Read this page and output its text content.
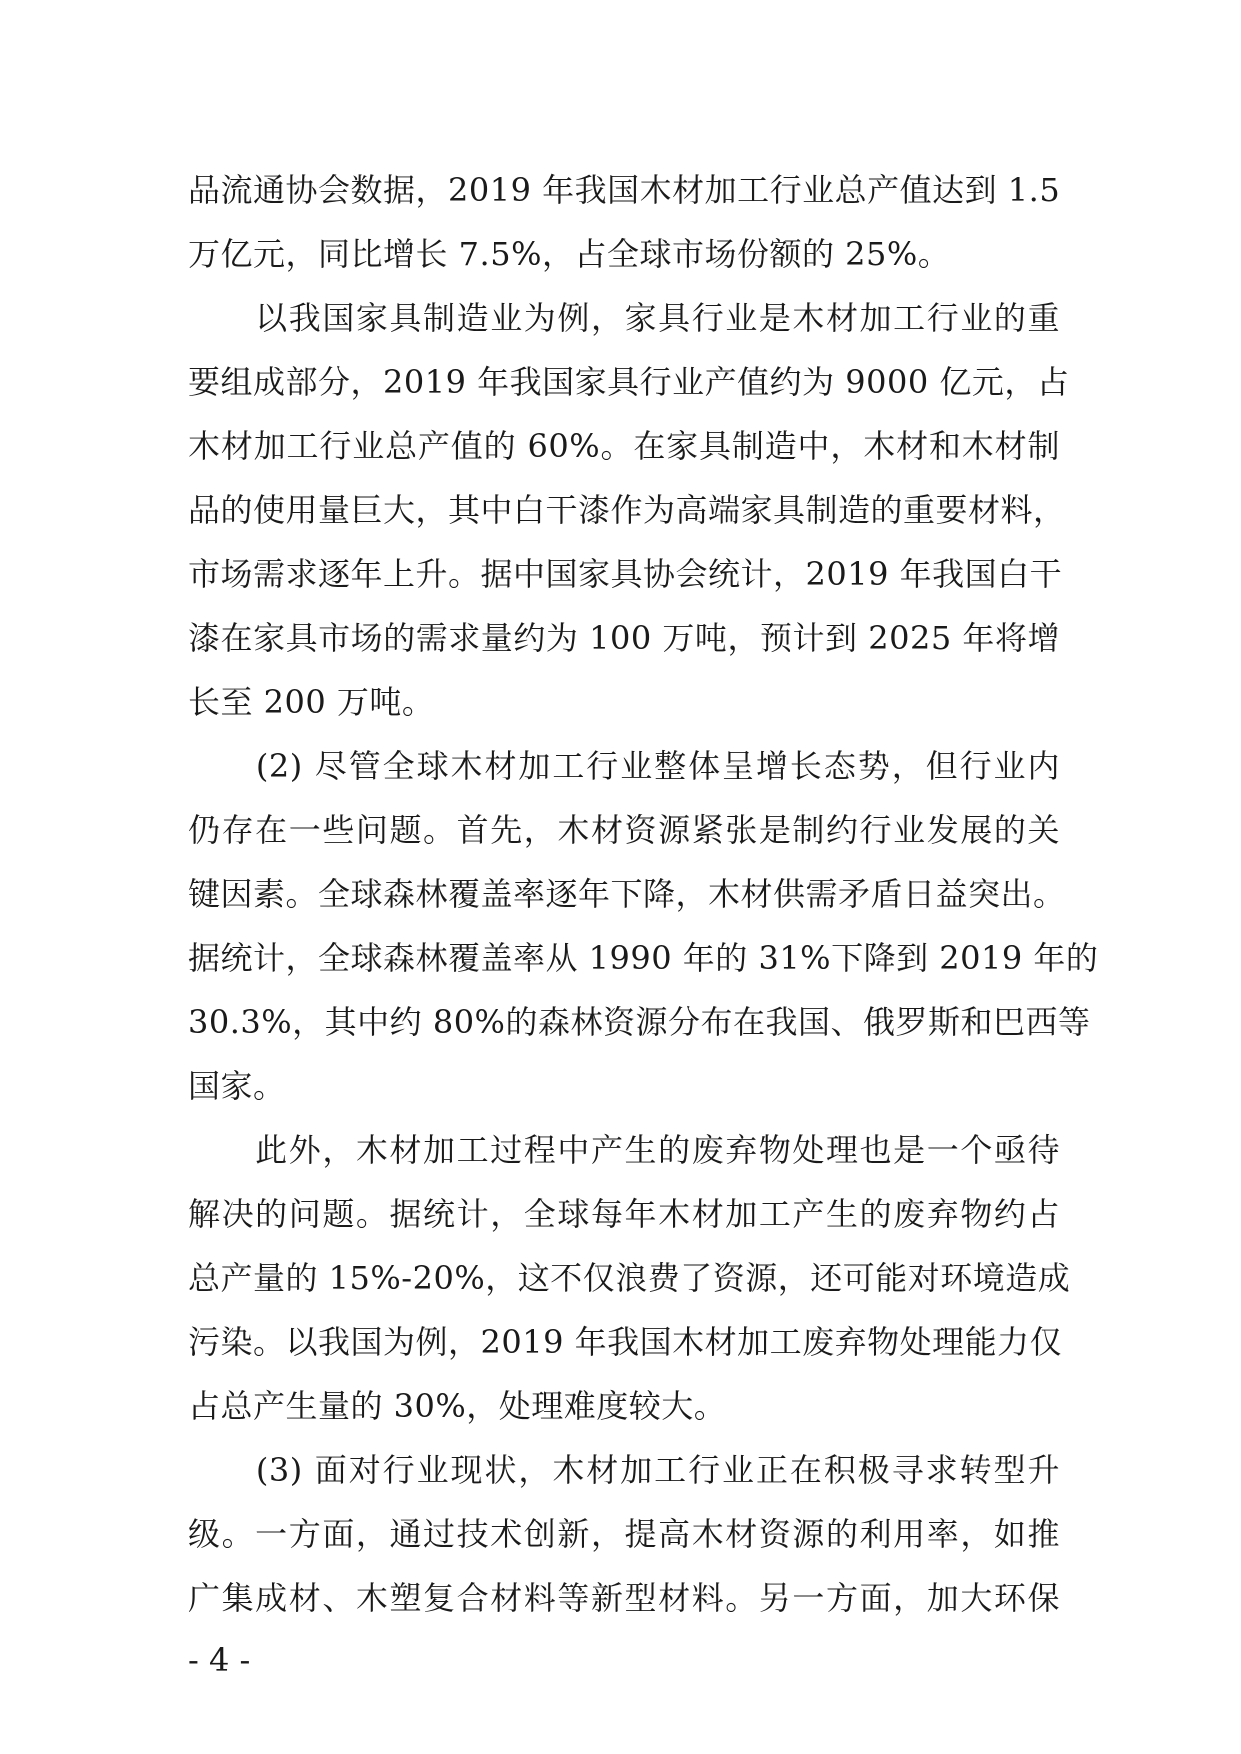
品流通协会数据，2019 年我国木材加工行业总产值达到 1.5
万亿元，同比增长 7.5%，占全球市场份额的 25%。
　　以我国家具制造业为例，家具行业是木材加工行业的重
要组成部分，2019 年我国家具行业产值约为 9000 亿元，占
木材加工行业总产值的 60%。在家具制造中，木材和木材制
品的使用量巨大，其中白干漆作为高端家具制造的重要材料，
市场需求逐年上升。据中国家具协会统计，2019 年我国白干
漆在家具市场的需求量约为 100 万吨，预计到 2025 年将增
长至 200 万吨。
　　(2) 尽管全球木材加工行业整体呈增长态势，但行业内
仍存在一些问题。首先，木材资源紧张是制约行业发展的关
键因素。全球森林覆盖率逐年下降，木材供需矛盾日益突出。
据统计，全球森林覆盖率从 1990 年的 31%下降到 2019 年的
30.3%，其中约 80%的森林资源分布在我国、俄罗斯和巴西等
国家。
　　此外，木材加工过程中产生的废弃物处理也是一个亟待
解决的问题。据统计，全球每年木材加工产生的废弃物约占
总产量的 15%-20%，这不仅浪费了资源，还可能对环境造成
污染。以我国为例，2019 年我国木材加工废弃物处理能力仅
占总产生量的 30%，处理难度较大。
　　(3) 面对行业现状，木材加工行业正在积极寻求转型升
级。一方面，通过技术创新，提高木材资源的利用率，如推
广集成材、木塑复合材料等新型材料。另一方面，加大环保
- 4 -
